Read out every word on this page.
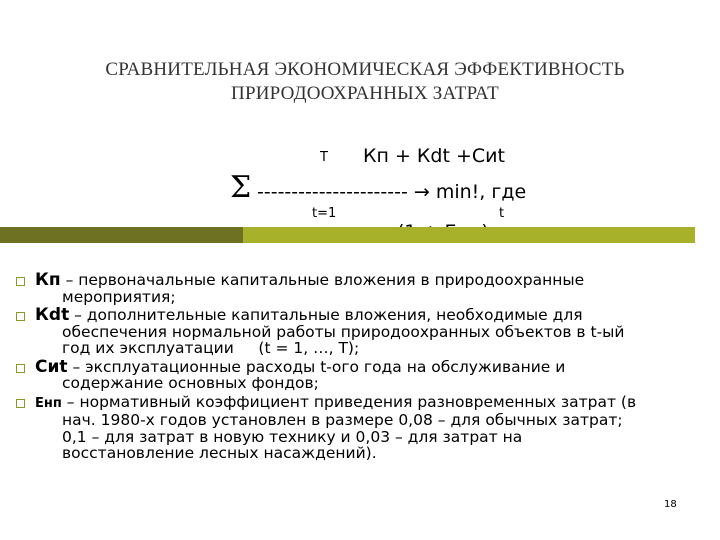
СРАВНИТЕЛЬНАЯ ЭКОНОМИЧЕСКАЯ ЭФФЕКТИВНОСТЬ
ПРИРОДООХРАННЫХ ЗАТРАТ
T Кп + Кdt +Сиt
Σ ---------------------- → min!, где
t=1	t
Кп – первоначальные капитальные вложения в природоохранные
мероприятия;
Кdt – дополнительные капитальные вложения, необходимые для
обеспечения нормальной работы природоохранных объектов в t-ый
год их эксплуатации     (t = 1, …, T);
Сиt – эксплуатационные расходы t-ого года на обслуживание и
содержание основных фондов;
Енп – нормативный коэффициент приведения разновременных затрат (в
нач. 1980-х годов установлен в размере 0,08 – для обычных затрат;
0,1 – для затрат в новую технику и 0,03 – для затрат на
восстановление лесных насаждений).
18
